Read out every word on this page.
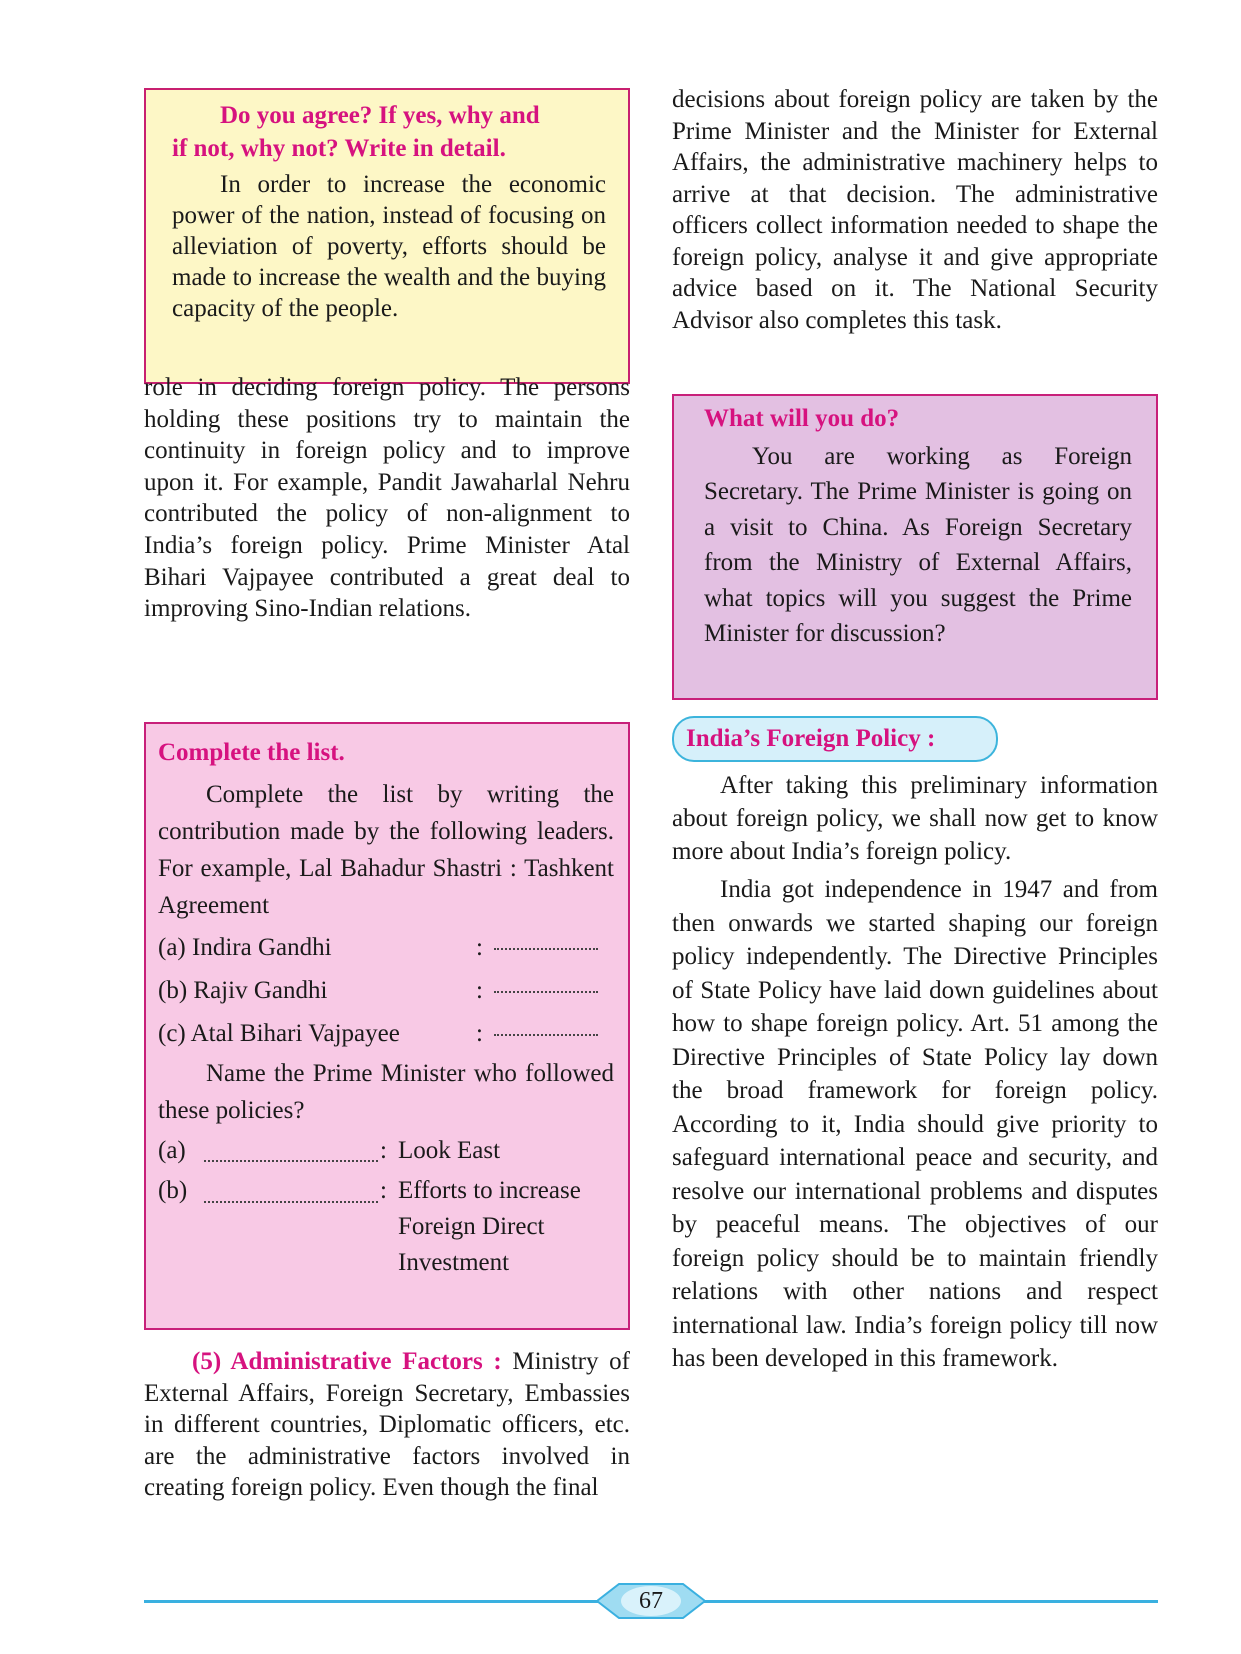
Do you agree? If yes, why and
if not, why not? Write in detail.

In order to increase the economic power of the nation, instead of focusing on alleviation of poverty, efforts should be made to increase the wealth and the buying capacity of the people.

role in deciding foreign policy. The persons holding these positions try to maintain the continuity in foreign policy and to improve upon it. For example, Pandit Jawaharlal Nehru contributed the policy of non-alignment to India’s foreign policy. Prime Minister Atal Bihari Vajpayee contributed a great deal to improving Sino-Indian relations.

Complete the list.

Complete the list by writing the contribution made by the following leaders. For example, Lal Bahadur Shastri : Tashkent Agreement

(a) Indira Gandhi	:
(b) Rajiv Gandhi	:
(c) Atal Bihari Vajpayee	:

Name the Prime Minister who followed these policies?

(a)	: Look East
(b)	: Efforts to increase Foreign Direct Investment

(5) Administrative Factors : Ministry of External Affairs, Foreign Secretary, Embassies in different countries, Diplomatic officers, etc. are the administrative factors involved in creating foreign policy. Even though the final

decisions about foreign policy are taken by the Prime Minister and the Minister for External Affairs, the administrative machinery helps to arrive at that decision. The administrative officers collect information needed to shape the foreign policy, analyse it and give appropriate advice based on it. The National Security Advisor also completes this task.

What will you do?

You are working as Foreign Secretary. The Prime Minister is going on a visit to China. As Foreign Secretary from the Ministry of External Affairs, what topics will you suggest the Prime Minister for discussion?

India’s Foreign Policy :

After taking this preliminary information about foreign policy, we shall now get to know more about India’s foreign policy.

India got independence in 1947 and from then onwards we started shaping our foreign policy independently. The Directive Principles of State Policy have laid down guidelines about how to shape foreign policy. Art. 51 among the Directive Principles of State Policy lay down the broad framework for foreign policy. According to it, India should give priority to safeguard international peace and security, and resolve our international problems and disputes by peaceful means. The objectives of our foreign policy should be to maintain friendly relations with other nations and respect international law. India’s foreign policy till now has been developed in this framework.

67
